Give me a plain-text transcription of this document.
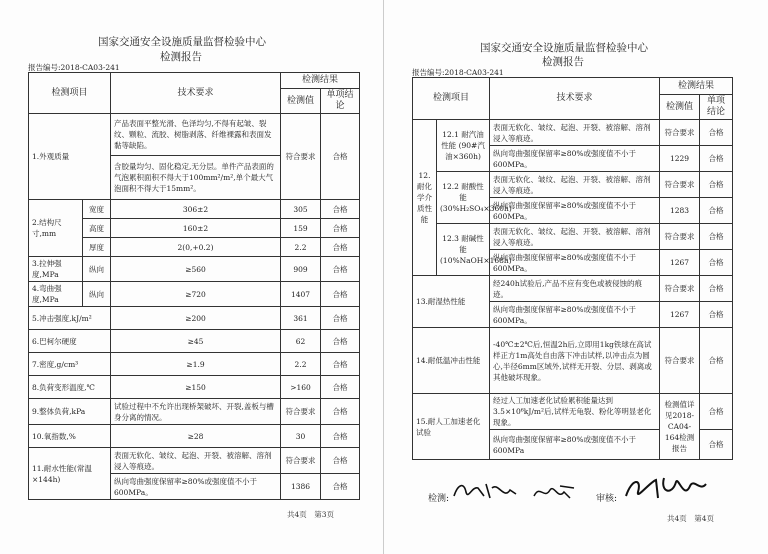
国家交通安全设施质量监督检验中心
检测报告
报告编号:2018-CA03-241
检测项目		技术要求	检测结果	
			检测值	单项结论
1.外观质量		产品表面平整光滑、色泽均匀,不得有起皱、裂纹、颗粒、流胶、树脂剥落、纤维裸露和表面发黏等缺陷。	符合要求	合格
		含胶量均匀、固化稳定,无分层。单件产品表面的气泡累积面积不得大于100mm²/m²,单个最大气泡面积不得大于15mm²。		
2.结构尺寸,mm	宽度	306±2	305	合格
	高度	160±2	159	合格
	厚度	2(0,+0.2)	2.2	合格
3.拉伸强度,MPa	纵向	≥560	909	合格
4.弯曲强度,MPa	纵向	≥720	1407	合格
5.冲击强度,kJ/m²		≥200	361	合格
6.巴柯尔硬度		≥45	62	合格
7.密度,g/cm³		≥1.9	2.2	合格
8.负荷变形温度,℃		≥150	>160	合格
9.整体负荷,kPa		试验过程中不允许出现桥架破坏、开裂,盖板与槽身分离的情况。	符合要求	合格
10.氧指数,%		≥28	30	合格
11.耐水性能(常温×144h)		表面无软化、皱纹、起泡、开裂、被溶解、溶剂浸入等痕迹。	符合要求	合格
		纵向弯曲强度保留率≥80%或强度值不小于600MPa。	1386	合格
共4页　第3页
国家交通安全设施质量监督检验中心
检测报告
报告编号:2018-CA03-241
检测项目		技术要求	检测结果	
			检测值	单项结论
12.耐化学介质性能	12.1 耐汽油性能 (90#汽油×360h)	表面无软化、皱纹、起泡、开裂、被溶解、溶剂浸入等痕迹。	符合要求	合格
		纵向弯曲强度保留率≥80%或强度值不小于600MPa。	1229	合格
	12.2 耐酸性能 (30%H₂SO₄×360h)	表面无软化、皱纹、起泡、开裂、被溶解、溶剂浸入等痕迹。	符合要求	合格
		纵向弯曲强度保留率≥80%或强度值不小于600MPa。	1283	合格
	12.3 耐碱性能 (10%NaOH×168h)	表面无软化、皱纹、起泡、开裂、被溶解、溶剂浸入等痕迹。	符合要求	合格
		纵向弯曲强度保留率≥80%或强度值不小于600MPa。	1267	合格
13.耐湿热性能		经240h试验后,产品不应有变色或被侵蚀的痕迹。	符合要求	合格
		纵向弯曲强度保留率≥80%或强度值不小于600MPa。	1267	合格
14.耐低温冲击性能		-40℃±2℃后,恒温2h后,立即用1kg铁球在高试样正方1m高处自由落下冲击试样,以冲击点为圆心,半径6mm区域外,试样无开裂、分层、剥离或其他破坏现象。	符合要求	合格
15.耐人工加速老化试验		经过人工加速老化试验累积能量达到3.5×10⁶kJ/m²后,试样无龟裂、粉化等明显老化现象。	检测值详见2018-CA04-164检测报告	合格
		纵向弯曲强度保留率≥80%或强度值不小于600MPa		合格
检测:	审核:
共4页　第4页
